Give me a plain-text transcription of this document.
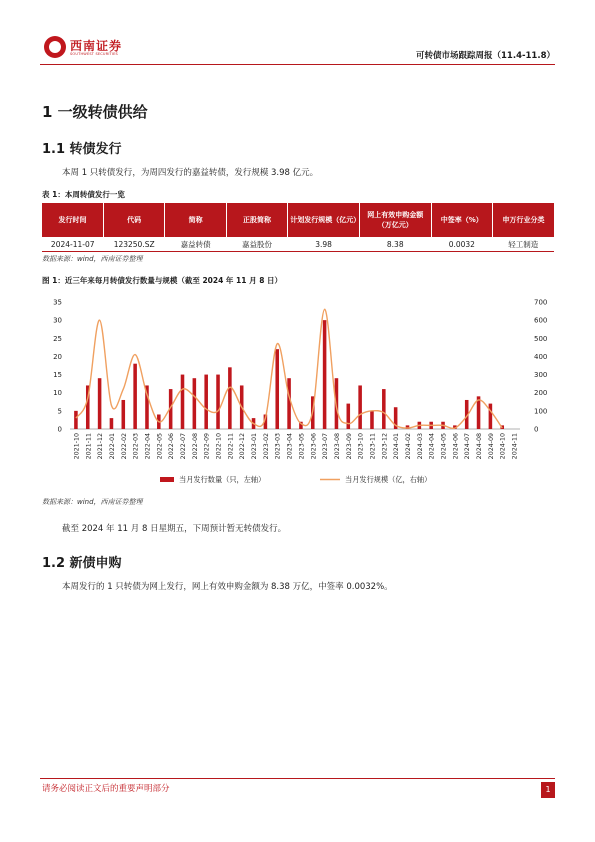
西南证券
SOUTHWEST SECURITIES	可转债市场跟踪周报（11.4-11.8）
1 一级转债供给
1.1 转债发行
本周 1 只转债发行，为周四发行的嘉益转债，发行规模 3.98 亿元。
表 1：本周转债发行一览
发行时间	代码	简称	正股简称	计划发行规模（亿元）	网上有效申购金额（万亿元）	中签率（%）	申万行业分类
2024-11-07	123250.SZ	嘉益转债	嘉益股份	3.98	8.38	0.0032	轻工制造
数据来源：wind，西南证券整理
图 1：近三年来每月转债发行数量与规模（截至 2024 年 11 月 8 日）
0
5
10
15
20
25
30
35
0
100
200
300
400
500
600
700
2021-10 2021-11 2021-12 2022-01 2022-02 2022-03 2022-04 2022-05 2022-06 2022-07 2022-08 2022-09 2022-10 2022-11 2022-12 2023-01 2023-02 2023-03 2023-04 2023-05 2023-06 2023-07 2023-08 2023-09 2023-10 2023-11 2023-12 2024-01 2024-02 2024-03 2024-04 2024-05 2024-06 2024-07 2024-08 2024-09 2024-10 2024-11
当月发行数量（只，左轴）	当月发行规模（亿，右轴）
数据来源：wind，西南证券整理
截至 2024 年 11 月 8 日星期五，下周预计暂无转债发行。
1.2 新债申购
本周发行的 1 只转债为网上发行，网上有效申购金额为 8.38 万亿，中签率 0.0032%。
请务必阅读正文后的重要声明部分	1
